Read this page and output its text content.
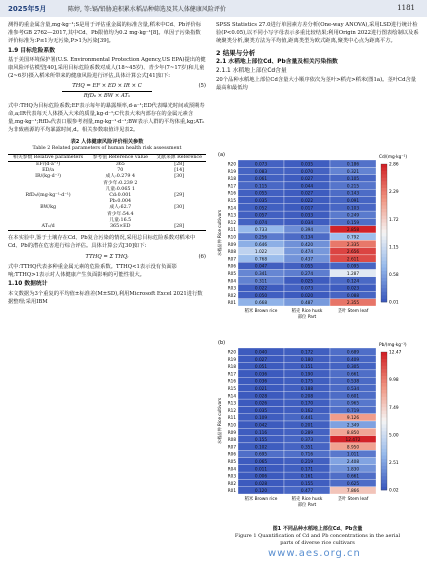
2025年5月	陈婷, 等:镉/铅胁迫积累水稻品种筛选及其人体健康风险评价	1181
测得的重金属含量,mg·kg⁻¹;S是用于评估重金属的标准含量,稻米中Cd、Pb评价标准参考GB 2762—2017,其中Cd、Pb限值均为0.2 mg·kg⁻¹[8]。单因子污染指数评价标准为:P≤1为无污染,P>1为污染[39]。
1.9 目标危险系数
基于美国环境保护署(U.S. Environmental Protection Agency,US EPA)提出的健康风险评估模型[40],采用目标危险系数对成人(18~45岁)、青少年(7~17岁)和儿童(2~6岁)摄入稻米所带来的健康风险进行评估,具体计算公式[41]如下:
THQ = EF × ED × IR × C
RfD₀ × BW × ATₙ
(5)
式中:THQ为目标危险系数;EF表示每年的暴露频率,d·a⁻¹;ED代表曝光时间或预期寿命,a;IR代表每天人体摄入大米的质量,kg·d⁻¹;C代表大米内部存在的金属元素含量,mg·kg⁻¹;RfD₀代表口服参考剂量,mg·kg⁻¹·d⁻¹;BW表示人群的平均体重,kg;ATₙ为非致癌源的平均暴露时间,d。相关参数取值详见表2。
表2 人体健康风险评价相关参数
Table 2 Related parameters of human health risk assessment
相关参数 Relative parameters	参考值 Reference value	文献来源 Reference
EF/(d·a⁻¹)	365	[28]
ED/a	70	[14]
IR/(kg·d⁻¹)	成人:0.279 4	[30]
	青少年:0.239 2	
	儿童:0.065 1	
RfD₀/(mg·kg⁻¹·d⁻¹)	Cd:0.001	[29]
	Pb:0.004	
BW/kg	成人:62.7	[30]
	青少年:54.4	
	儿童:16.5	
ATₙ/d	365×ED	[28]
在本实验中,鉴于土壤存在Cd、Pb复合污染的情况,采用总目标危险系数对稻米中Cd、Pb的潜在危害进行综合评估。具体计算公式[30]如下:
TTHQ = Σ THQᵢ	(6)
式中:TTHQ代表多种重金属元素的危险系数。TTHQ<1表示没有负面影响;TTHQ>1表示对人体健康产生负面影响的可能性很大。
1.10 数据统计
本文数据为3个重复的平均值±标准差(M±SD),利用Microsoft Excel 2021进行数据整理;采用IBM
SPSS Statistics 27.0进行单因素方差分析(One-way ANOVA),采用LSD进行统计检验(P<0.05),以不同小写字母表示多重比较结果;利用Origin 2022进行图表绘制以及系统聚类分析,聚类方法为平均值,距离类型为欧式距离,聚类中心点为距离平方。
2 结果与分析
2.1 水稻地上部位Cd、Pb含量及相关污染指数
2.1.1 水稻地上部位Cd含量
20个品种水稻地上部位Cd含量大小顺序依次为茎叶>稻壳>稻米(图1a)。茎叶Cd含量最高和最低均
(a)
水稻品种 Rice cultivars
R20	0.073	0.035	0.186
R19	0.083	0.070	0.321
R18	0.061	0.027	0.105
R17	0.115	0.044	0.215
R16	0.055	0.027	0.143
R15	0.035	0.022	0.091
R14	0.052	0.017	0.103
R13	0.057	0.033	0.249
R12	0.074	0.034	0.159
R11	0.733	0.394	2.858
R10	0.256	0.134	0.792
R09	0.646	0.420	2.335
R08	1.022	0.474	2.656
R07	0.768	0.437	2.611
R06	0.047	0.055	0.095
R05	0.341	0.274	1.287
R04	0.311	0.025	0.124
R03	0.022	0.073	0.023
R02	0.050	0.020	0.088
R01	0.668	0.487	2.355
稻米 Brown rice	稻壳 Rice husk	茎叶 Stem leaf
部位 Part
Cd/(mg·kg⁻¹)
2.86
2.29
1.72
1.15
0.58
0.01
(b)
水稻品种 Rice cultivars
R20	0.040	0.172	0.689
R19	0.027	0.180	0.409
R18	0.051	0.151	0.305
R17	0.036	0.190	0.661
R16	0.036	0.175	0.538
R15	0.021	0.188	0.534
R14	0.028	0.208	0.601
R13	0.026	0.170	0.965
R12	0.035	0.162	0.719
R11	0.109	0.441	9.126
R10	0.042	0.201	2.349
R09	0.116	0.289	8.850
R08	0.155	0.373	12.472
R07	0.102	0.351	8.950
R06	0.695	0.716	1.011
R05	0.065	0.219	2.408
R04	0.011	0.171	1.830
R03	0.006	0.161	0.661
R02	0.028	0.155	0.625
R01	0.120	0.477	7.866
稻米 Brown rice	稻壳 Rice husk	茎叶 Stem leaf
部位 Part
Pb/(mg·kg⁻¹)
12.47
9.98
7.49
5.00
2.51
0.02
图1 不同品种水稻地上部位Cd、Pb含量
Figure 1 Quantification of Cd and Pb concentrations in the aerial
parts of diverse rice cultivars
www.aes.org.cn
